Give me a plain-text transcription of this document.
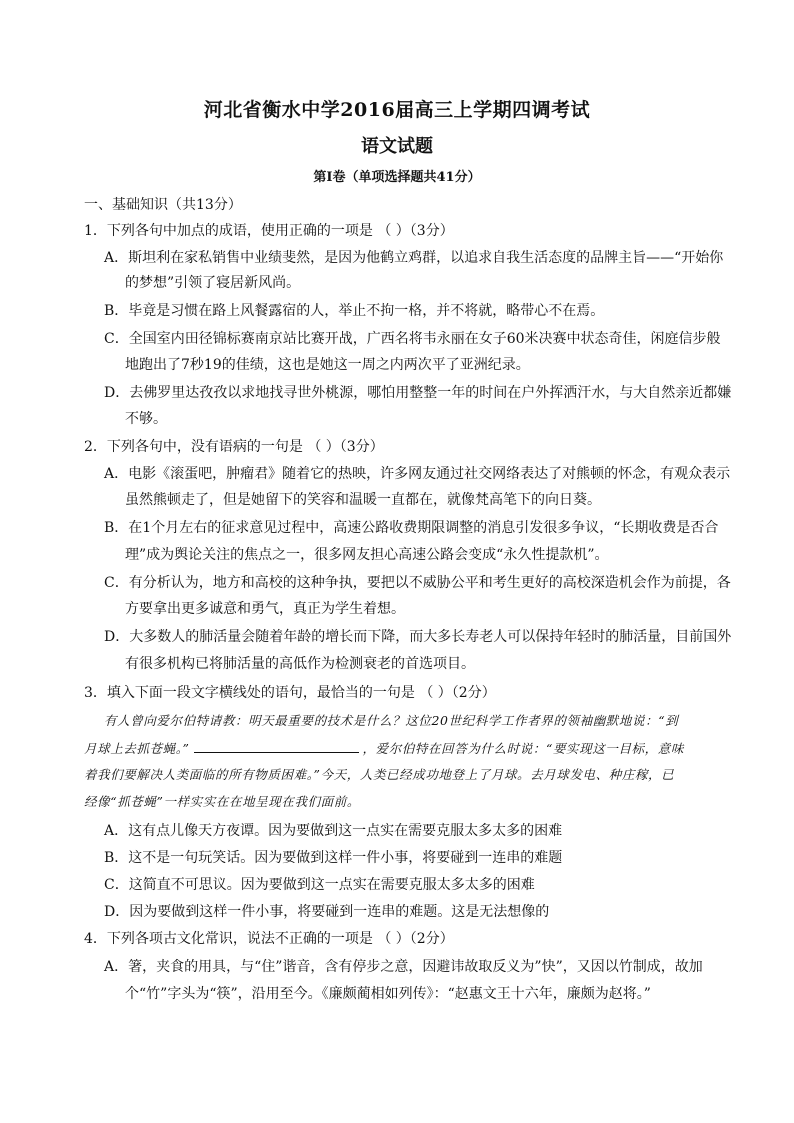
河北省衡水中学2016届高三上学期四调考试
语文试题
第Ⅰ卷（单项选择题共41分）
一、基础知识（共13分）
1．下列各句中加点的成语，使用正确的一项是 （ ）（3分）
A．斯坦利在家私销售中业绩斐然，是因为他鹤立鸡群，以追求自我生活态度的品牌主旨——“开始你
的梦想”引领了寝居新风尚。
B．毕竟是习惯在路上风餐露宿的人，举止不拘一格，并不将就，略带心不在焉。
C．全国室内田径锦标赛南京站比赛开战，广西名将韦永丽在女子60米决赛中状态奇佳，闲庭信步般
地跑出了7秒19的佳绩，这也是她这一周之内两次平了亚洲纪录。
D．去佛罗里达孜孜以求地找寻世外桃源，哪怕用整整一年的时间在户外挥洒汗水，与大自然亲近都嫌
不够。
2．下列各句中，没有语病的一句是 （ ）（3分）
A．电影《滚蛋吧，肿瘤君》随着它的热映，许多网友通过社交网络表达了对熊顿的怀念，有观众表示
虽然熊顿走了，但是她留下的笑容和温暖一直都在，就像梵高笔下的向日葵。
B．在1个月左右的征求意见过程中，高速公路收费期限调整的消息引发很多争议，“长期收费是否合
理”成为舆论关注的焦点之一，很多网友担心高速公路会变成“永久性提款机”。
C．有分析认为，地方和高校的这种争执，要把以不威胁公平和考生更好的高校深造机会作为前提，各
方要拿出更多诚意和勇气，真正为学生着想。
D．大多数人的肺活量会随着年龄的增长而下降，而大多长寿老人可以保持年轻时的肺活量，目前国外
有很多机构已将肺活量的高低作为检测衰老的首选项目。
3．填入下面一段文字横线处的语句，最恰当的一句是 （ ）（2分）
有人曾向爱尔伯特请教：明天最重要的技术是什么？这位20世纪科学工作者界的领袖幽默地说：“到
月球上去抓苍蝇。”	，爱尔伯特在回答为什么时说：“要实现这一目标，意味
着我们要解决人类面临的所有物质困难。”今天，人类已经成功地登上了月球。去月球发电、种庄稼，已
经像“抓苍蝇”一样实实在在地呈现在我们面前。
A．这有点儿像天方夜谭。因为要做到这一点实在需要克服太多太多的困难
B．这不是一句玩笑话。因为要做到这样一件小事，将要碰到一连串的难题
C．这简直不可思议。因为要做到这一点实在需要克服太多太多的困难
D．因为要做到这样一件小事，将要碰到一连串的难题。这是无法想像的
4．下列各项古文化常识，说法不正确的一项是 （ ）（2分）
A．箸，夹食的用具，与“住”谐音，含有停步之意，因避讳故取反义为”快”，又因以竹制成，故加
个“竹”字头为“筷”，沿用至今。《廉颇蔺相如列传》：“赵惠文王十六年，廉颇为赵将。”
